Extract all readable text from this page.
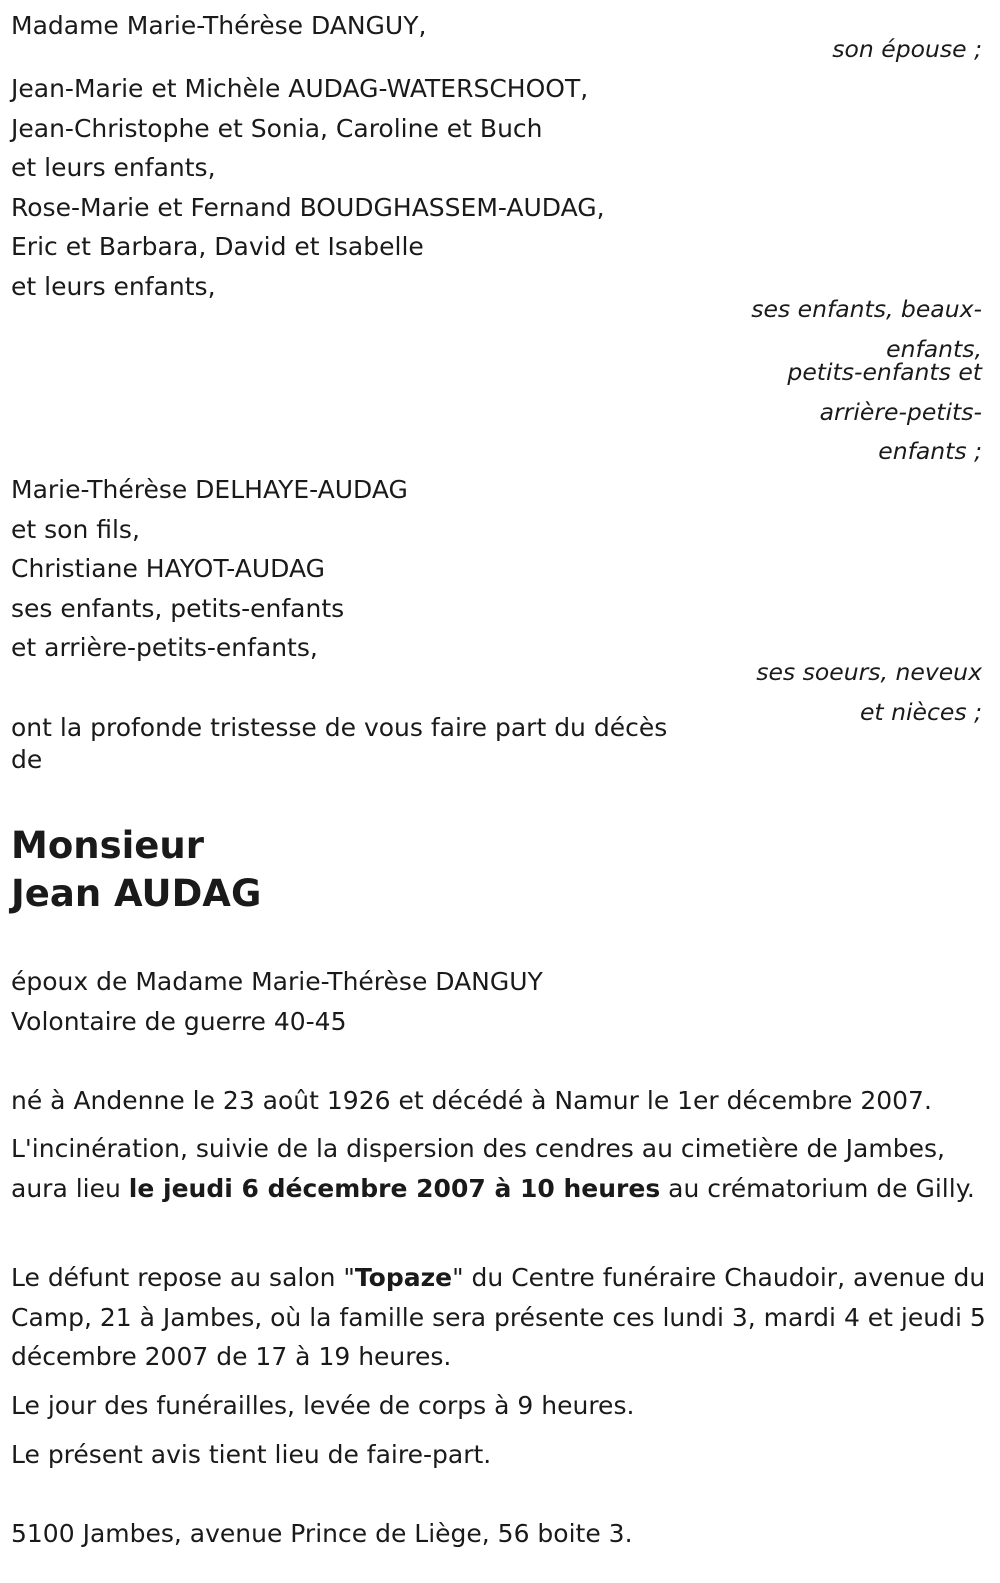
Madame Marie-Thérèse DANGUY,
son épouse ;
Jean-Marie et Michèle AUDAG-WATERSCHOOT,
Jean-Christophe et Sonia, Caroline et Buch
et leurs enfants,
Rose-Marie et Fernand BOUDGHASSEM-AUDAG,
Eric et Barbara, David et Isabelle
et leurs enfants,
ses enfants, beaux-
enfants,
petits-enfants et
arrière-petits-
enfants ;
Marie-Thérèse DELHAYE-AUDAG
et son fils,
Christiane HAYOT-AUDAG
ses enfants, petits-enfants
et arrière-petits-enfants,
ses soeurs, neveux
et nièces ;
ont la profonde tristesse de vous faire part du décès
de
Monsieur
Jean AUDAG
époux de Madame Marie-Thérèse DANGUY
Volontaire de guerre 40-45
né à Andenne le 23 août 1926 et décédé à Namur le 1er décembre 2007.
L'incinération, suivie de la dispersion des cendres au cimetière de Jambes, aura lieu le jeudi 6 décembre 2007 à 10 heures au crématorium de Gilly.
Le défunt repose au salon "Topaze" du Centre funéraire Chaudoir, avenue du Camp, 21 à Jambes, où la famille sera présente ces lundi 3, mardi 4 et jeudi 5 décembre 2007 de 17 à 19 heures.
Le jour des funérailles, levée de corps à 9 heures.
Le présent avis tient lieu de faire-part.
5100 Jambes, avenue Prince de Liège, 56 boite 3.
